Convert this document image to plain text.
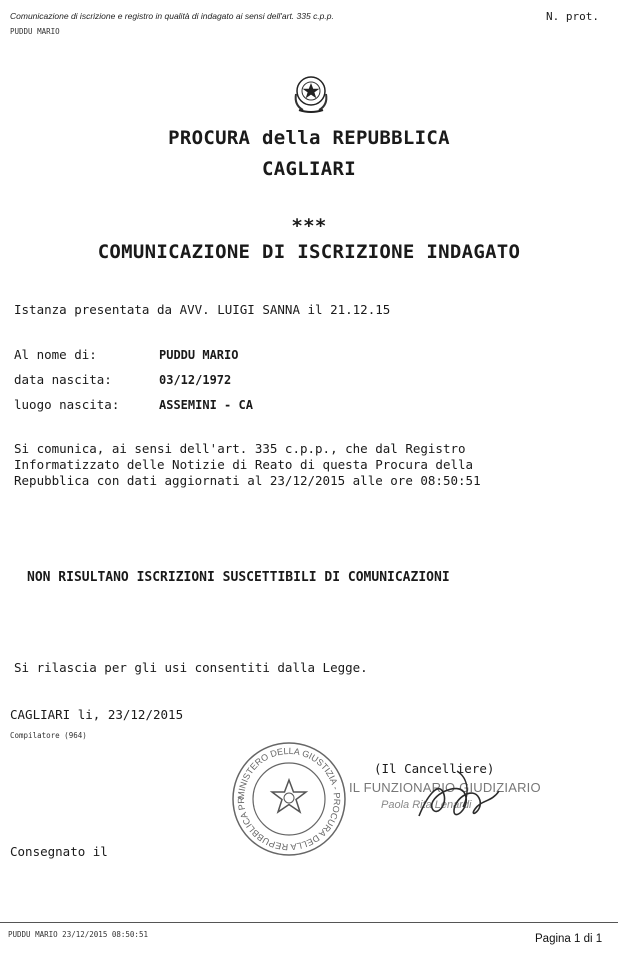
Comunicazione di iscrizione e registro in qualità di indagato ai sensi dell'art. 335 c.p.p.	N. prot.
PUDDU MARIO
PROCURA della REPUBBLICA
CAGLIARI
***
COMUNICAZIONE DI ISCRIZIONE INDAGATO
Istanza presentata da AVV. LUIGI SANNA il 21.12.15
Al nome di:	PUDDU MARIO
data nascita:	03/12/1972
luogo nascita:	ASSEMINI - CA
Si comunica, ai sensi dell'art. 335 c.p.p., che dal Registro
Informatizzato delle Notizie di Reato di questa Procura della
Repubblica con dati aggiornati al 23/12/2015 alle ore 08:50:51
NON RISULTANO ISCRIZIONI SUSCETTIBILI DI COMUNICAZIONI
Si rilascia per gli usi consentiti dalla Legge.
CAGLIARI li, 23/12/2015
Compilatore (964)
MINISTERO DELLA GIUSTIZIA - PROCURA DELLA REPUBBLICA PR
(Il Cancelliere)
IL FUNZIONARIO GIUDIZIARIO
Paola Rita Lenardi
Consegnato il
PUDDU MARIO 23/12/2015 08:50:51	Pagina 1 di 1
